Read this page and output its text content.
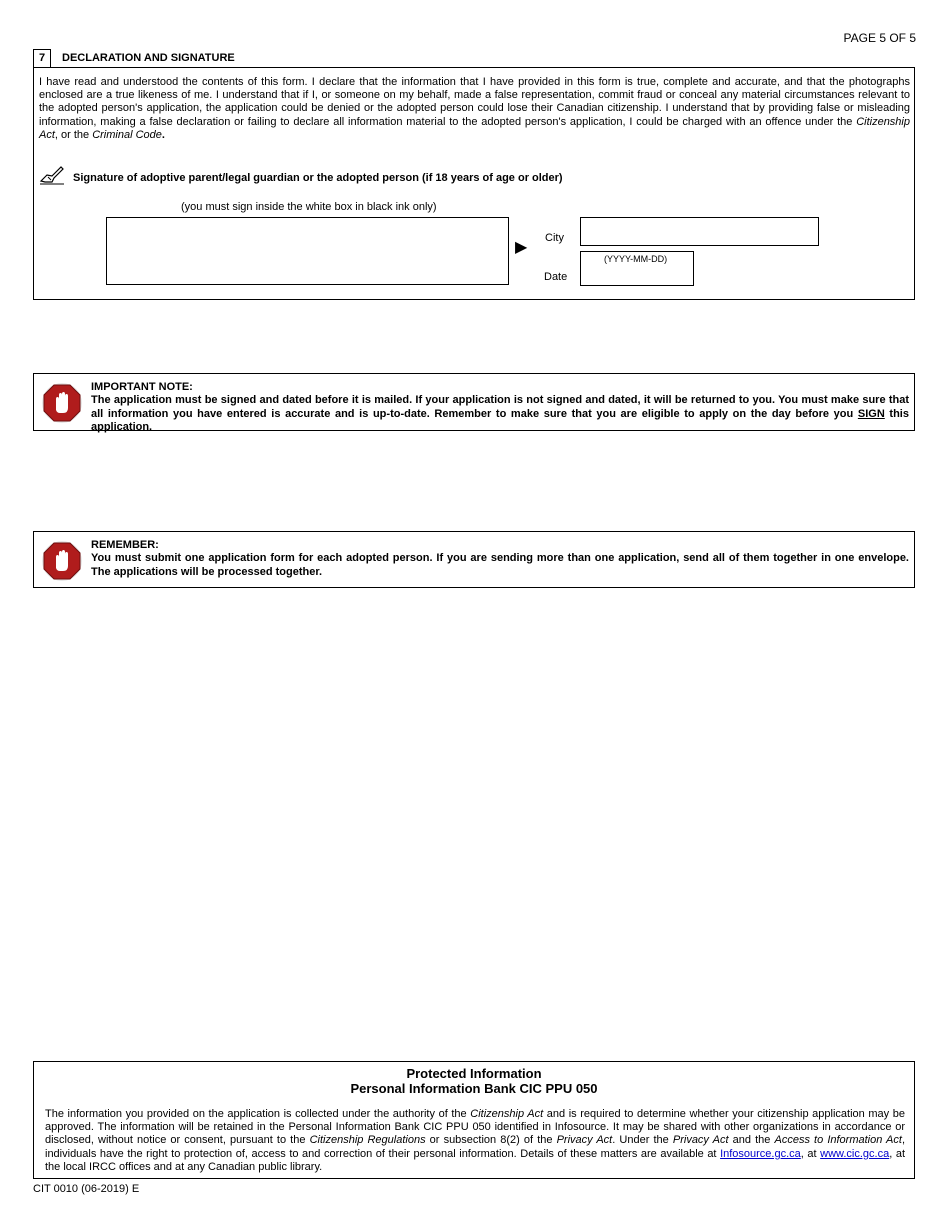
PAGE 5 OF 5
7	DECLARATION AND SIGNATURE
I have read and understood the contents of this form. I declare that the information that I have provided in this form is true, complete and accurate, and that the photographs enclosed are a true likeness of me. I understand that if I, or someone on my behalf, made a false representation, commit fraud or conceal any material circumstances relevant to the adopted person's application, the application could be denied or the adopted person could lose their Canadian citizenship. I understand that by providing false or misleading information, making a false declaration or failing to declare all information material to the adopted person's application, I could be charged with an offence under the Citizenship Act, or the Criminal Code.
Signature of adoptive parent/legal guardian or the adopted person (if 18 years of age or older)
(you must sign inside the white box in black ink only)
▶
City
Date
(YYYY-MM-DD)
IMPORTANT NOTE:
The application must be signed and dated before it is mailed. If your application is not signed and dated, it will be returned to you. You must make sure that all information you have entered is accurate and is up-to-date. Remember to make sure that you are eligible to apply on the day before you SIGN this application.
REMEMBER:
You must submit one application form for each adopted person. If you are sending more than one application, send all of them together in one envelope. The applications will be processed together.
Protected Information
Personal Information Bank CIC PPU 050
The information you provided on the application is collected under the authority of the Citizenship Act and is required to determine whether your citizenship application may be approved. The information will be retained in the Personal Information Bank CIC PPU 050 identified in Infosource. It may be shared with other organizations in accordance or disclosed, without notice or consent, pursuant to the Citizenship Regulations or subsection 8(2) of the Privacy Act. Under the Privacy Act and the Access to Information Act, individuals have the right to protection of, access to and correction of their personal information. Details of these matters are available at Infosource.gc.ca, at www.cic.gc.ca, at the local IRCC offices and at any Canadian public library.
CIT 0010 (06-2019) E
